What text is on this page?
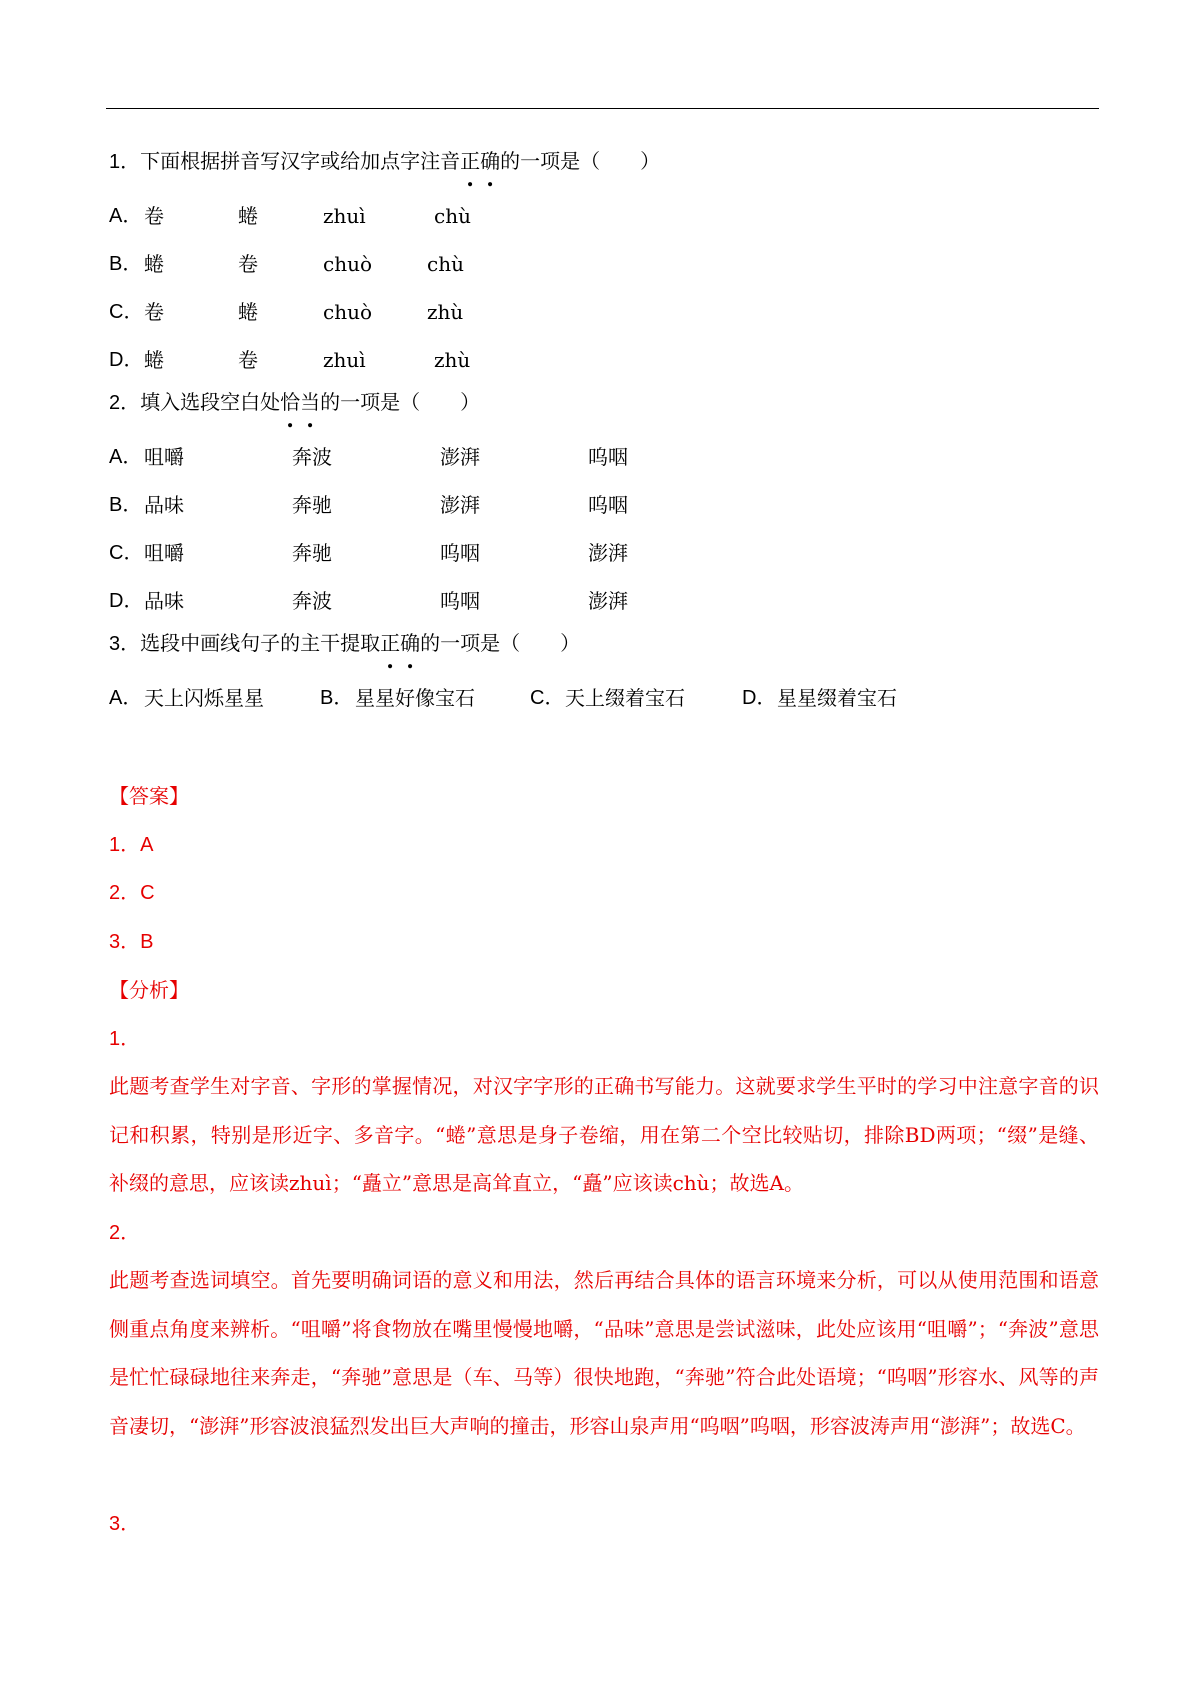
1．下面根据拼音写汉字或给加点字注音正确的一项是（　　）
A． 卷	蜷	zhuì	chù
B． 蜷	卷	chuò	chù
C． 卷	蜷	chuò	zhù
D． 蜷	卷	zhuì	zhù
2．填入选段空白处恰当的一项是（　　）
A． 咀嚼	奔波	澎湃	呜咽
B． 品味	奔驰	澎湃	呜咽
C． 咀嚼	奔驰	呜咽	澎湃
D． 品味	奔波	呜咽	澎湃
3．选段中画线句子的主干提取正确的一项是（　　）
A． 天上闪烁星星	B． 星星好像宝石	C． 天上缀着宝石	D． 星星缀着宝石
【答案】
1．A
2．C
3．B
【分析】
1．
此题考查学生对字音、字形的掌握情况，对汉字字形的正确书写能力。这就要求学生平时的学习中注意字音的识记和积累，特别是形近字、多音字。“蜷”意思是身子卷缩，用在第二个空比较贴切，排除BD两项；“缀”是缝、补缀的意思，应该读zhuì；“矗立”意思是高耸直立，“矗”应该读chù；故选A。
2．
此题考查选词填空。首先要明确词语的意义和用法，然后再结合具体的语言环境来分析，可以从使用范围和语意侧重点角度来辨析。“咀嚼”将食物放在嘴里慢慢地嚼，“品味”意思是尝试滋味，此处应该用“咀嚼”；“奔波”意思是忙忙碌碌地往来奔走，“奔驰”意思是（车、马等）很快地跑，“奔驰”符合此处语境；“呜咽”形容水、风等的声音凄切，“澎湃”形容波浪猛烈发出巨大声响的撞击，形容山泉声用“呜咽”呜咽，形容波涛声用“澎湃”；故选C。
3．
